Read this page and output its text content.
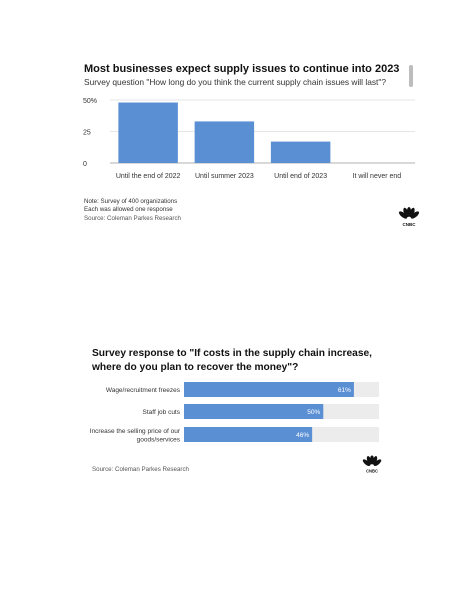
Most businesses expect supply issues to continue into 2023
Survey question "How long do you think the current supply chain issues will last"?
0
25
50%
Until the end of 2022 Until summer 2023	Until end of 2023	It will never end
Note: Survey of 400 organizations
Each was allowed one response
Source: Coleman Parkes Research
CNBC
Survey response to "If costs in the supply chain increase, where do you plan to recover the money"?
61%
Wage/recruitment freezes
50%
Staff job cuts
46%
Increase the selling price of our goods/services
Source: Coleman Parkes Research	CNBC
